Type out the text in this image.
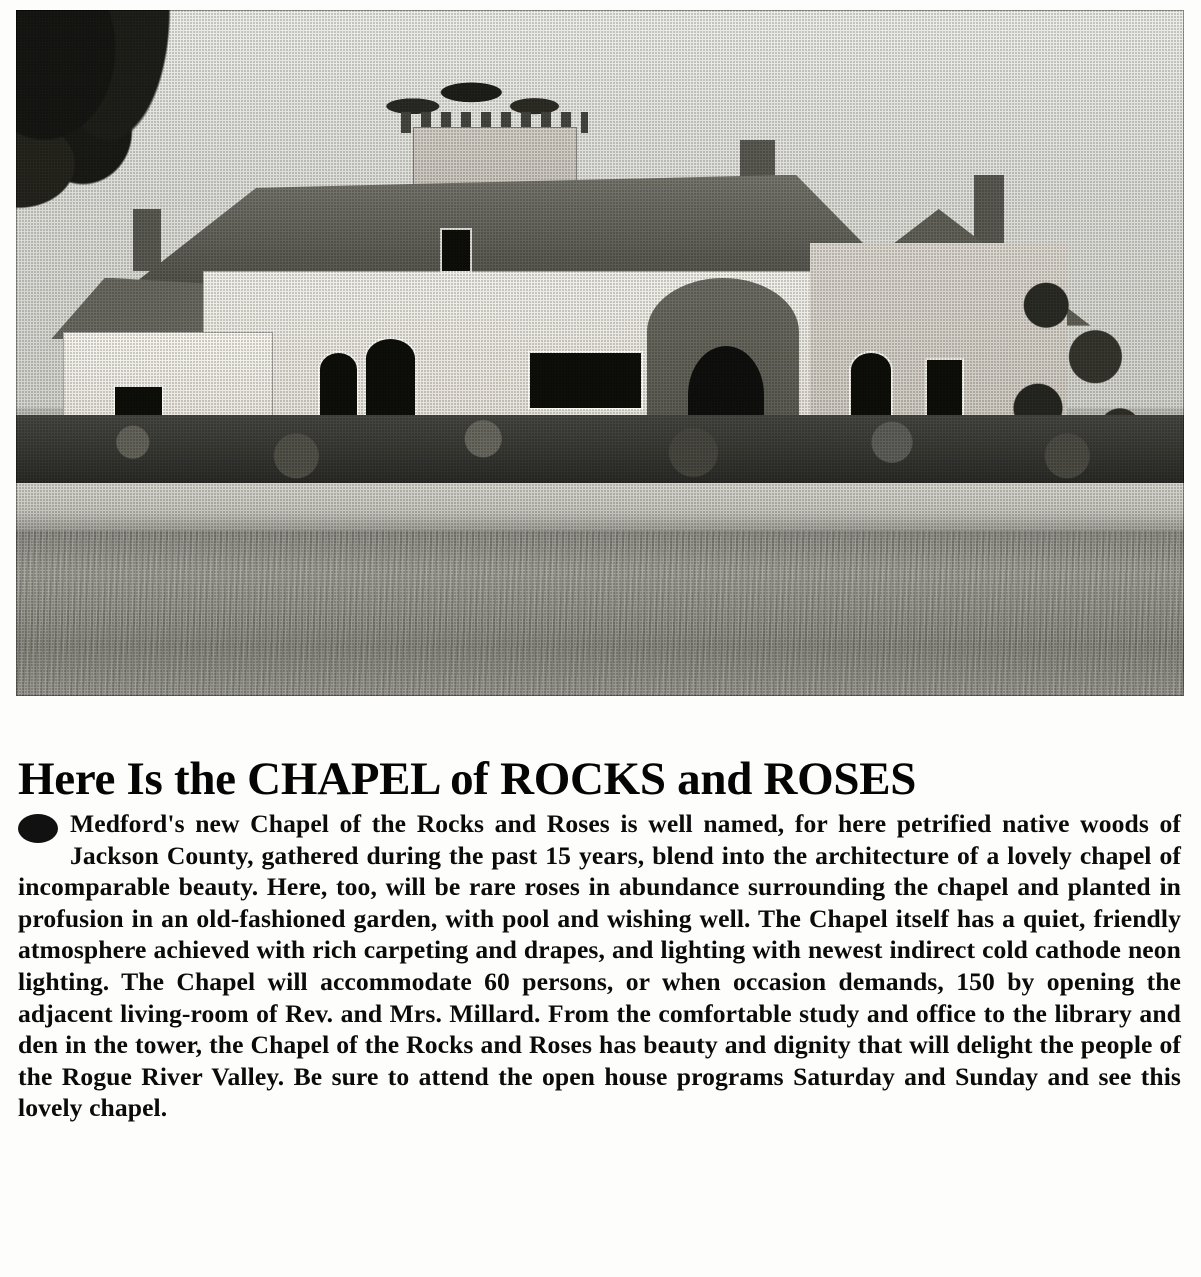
Here Is the CHAPEL of ROCKS and ROSES

Medford's new Chapel of the Rocks and Roses is well named, for here petrified native woods of Jackson County, gathered during the past 15 years, blend into the architecture of a lovely chapel of incomparable beauty. Here, too, will be rare roses in abundance surrounding the chapel and planted in profusion in an old-fashioned garden, with pool and wishing well. The Chapel itself has a quiet, friendly atmosphere achieved with rich carpeting and drapes, and lighting with newest indirect cold cathode neon lighting. The Chapel will accommodate 60 persons, or when occasion demands, 150 by opening the adjacent living-room of Rev. and Mrs. Millard. From the comfortable study and office to the library and den in the tower, the Chapel of the Rocks and Roses has beauty and dignity that will delight the people of the Rogue River Valley. Be sure to attend the open house programs Saturday and Sunday and see this lovely chapel.
